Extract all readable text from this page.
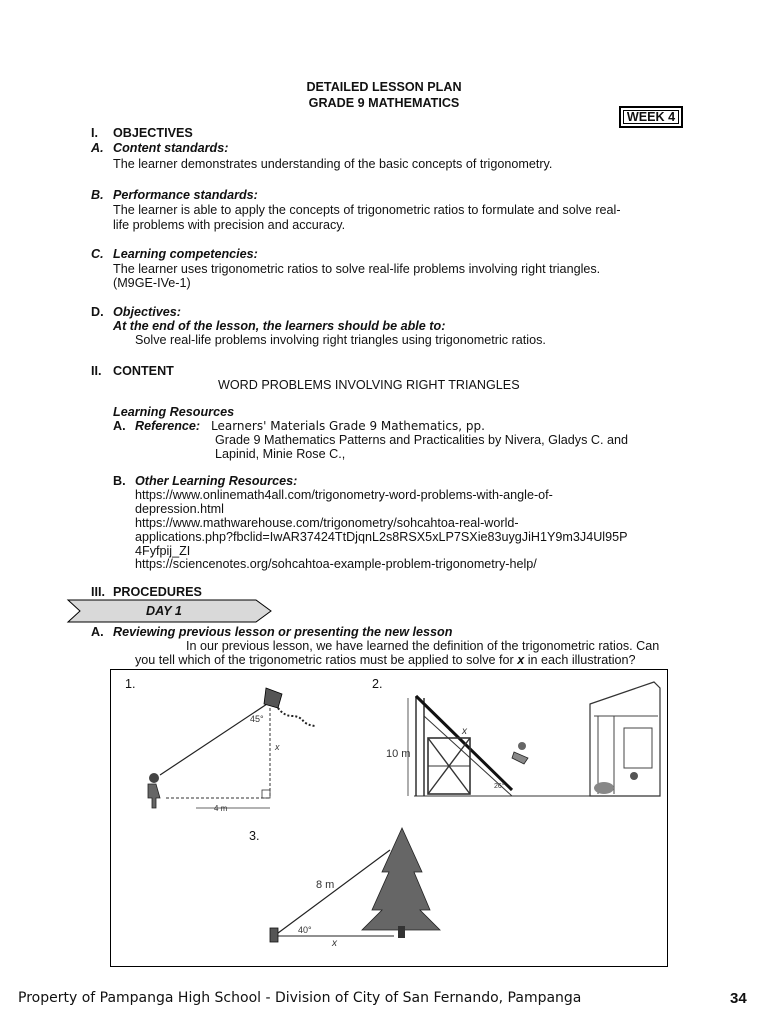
DETAILED LESSON PLAN
GRADE 9 MATHEMATICS
WEEK 4
I. OBJECTIVES
A. Content standards:
The learner demonstrates understanding of the basic concepts of trigonometry.
B. Performance standards:
The learner is able to apply the concepts of trigonometric ratios to formulate and solve real-
life problems with precision and accuracy.
C. Learning competencies:
The learner uses trigonometric ratios to solve real-life problems involving right triangles.
(M9GE-IVe-1)
D. Objectives:
At the end of the lesson, the learners should be able to:
Solve real-life problems involving right triangles using trigonometric ratios.
II. CONTENT
WORD PROBLEMS INVOLVING RIGHT TRIANGLES
Learning Resources
A. Reference: Learners' Materials Grade 9 Mathematics, pp.
Grade 9 Mathematics Patterns and Practicalities by Nivera, Gladys C. and
Lapinid, Minie Rose C.,
B. Other Learning Resources:
https://www.onlinemath4all.com/trigonometry-word-problems-with-angle-of-
depression.html
https://www.mathwarehouse.com/trigonometry/sohcahtoa-real-world-
applications.php?fbclid=IwAR37424TtDjqnL2s8RSX5xLP7SXie83uygJiH1Y9m3J4Ul95P
4Fyfpij_ZI
https://sciencenotes.org/sohcahtoa-example-problem-trigonometry-help/
III. PROCEDURES
DAY 1
A. Reviewing previous lesson or presenting the new lesson
In our previous lesson, we have learned the definition of the trigonometric ratios. Can
you tell which of the trigonometric ratios must be applied to solve for x in each illustration?
1.	2.
3.
45°
x
4 m
x
10 m
26°
8 m
40°
x
Property of Pampanga High School - Division of City of San Fernando, Pampanga	34
